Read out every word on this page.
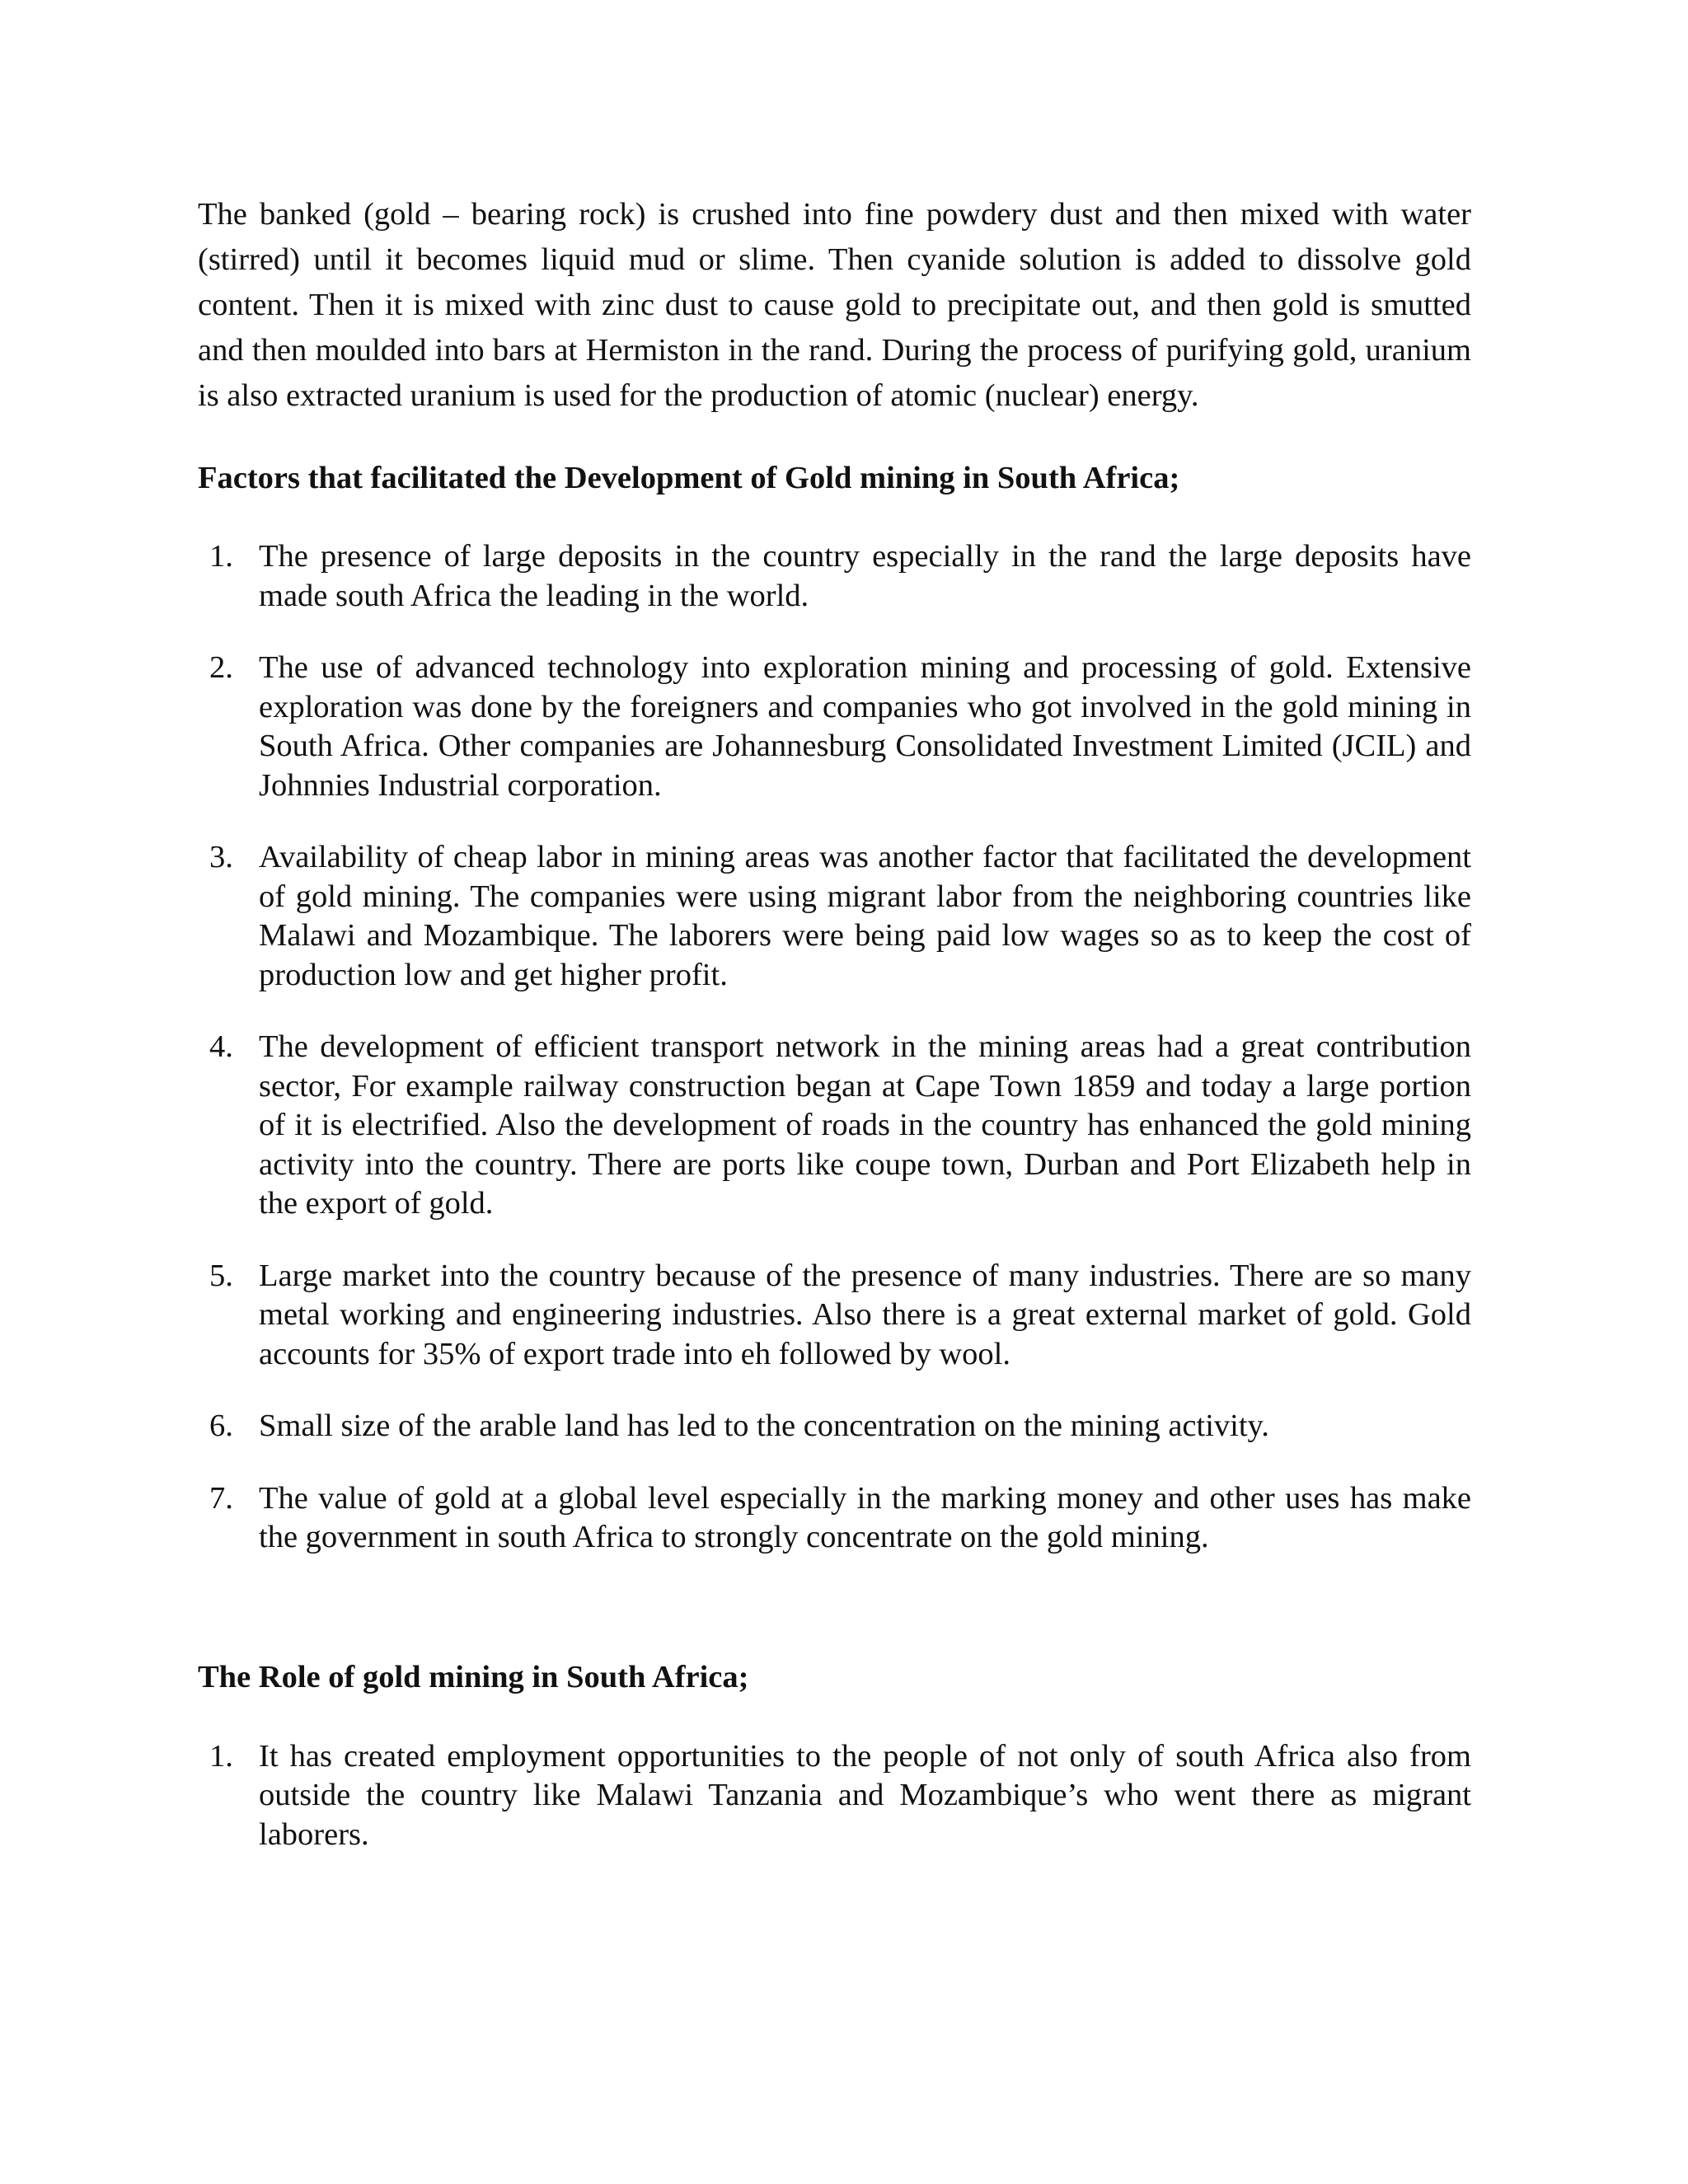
The banked (gold – bearing rock) is crushed into fine powdery dust and then mixed with water (stirred) until it becomes liquid mud or slime. Then cyanide solution is added to dissolve gold content. Then it is mixed with zinc dust to cause gold to precipitate out, and then gold is smutted and then moulded into bars at Hermiston in the rand. During the process of purifying gold, uranium is also extracted uranium is used for the production of atomic (nuclear) energy.

Factors that facilitated the Development of Gold mining in South Africa;
1. The presence of large deposits in the country especially in the rand the large deposits have made south Africa the leading in the world.
2. The use of advanced technology into exploration mining and processing of gold. Extensive exploration was done by the foreigners and companies who got involved in the gold mining in South Africa. Other companies are Johannesburg Consolidated Investment Limited (JCIL) and Johnnies Industrial corporation.
3. Availability of cheap labor in mining areas was another factor that facilitated the development of gold mining. The companies were using migrant labor from the neighboring countries like Malawi and Mozambique. The laborers were being paid low wages so as to keep the cost of production low and get higher profit.
4. The development of efficient transport network in the mining areas had a great contribution sector, For example railway construction began at Cape Town 1859 and today a large portion of it is electrified. Also the development of roads in the country has enhanced the gold mining activity into the country. There are ports like coupe town, Durban and Port Elizabeth help in the export of gold.
5. Large market into the country because of the presence of many industries. There are so many metal working and engineering industries. Also there is a great external market of gold. Gold accounts for 35% of export trade into eh followed by wool.
6. Small size of the arable land has led to the concentration on the mining activity.
7. The value of gold at a global level especially in the marking money and other uses has make the government in south Africa to strongly concentrate on the gold mining.
The Role of gold mining in South Africa;
1. It has created employment opportunities to the people of not only of south Africa also from outside the country like Malawi Tanzania and Mozambique’s who went there as migrant laborers.
